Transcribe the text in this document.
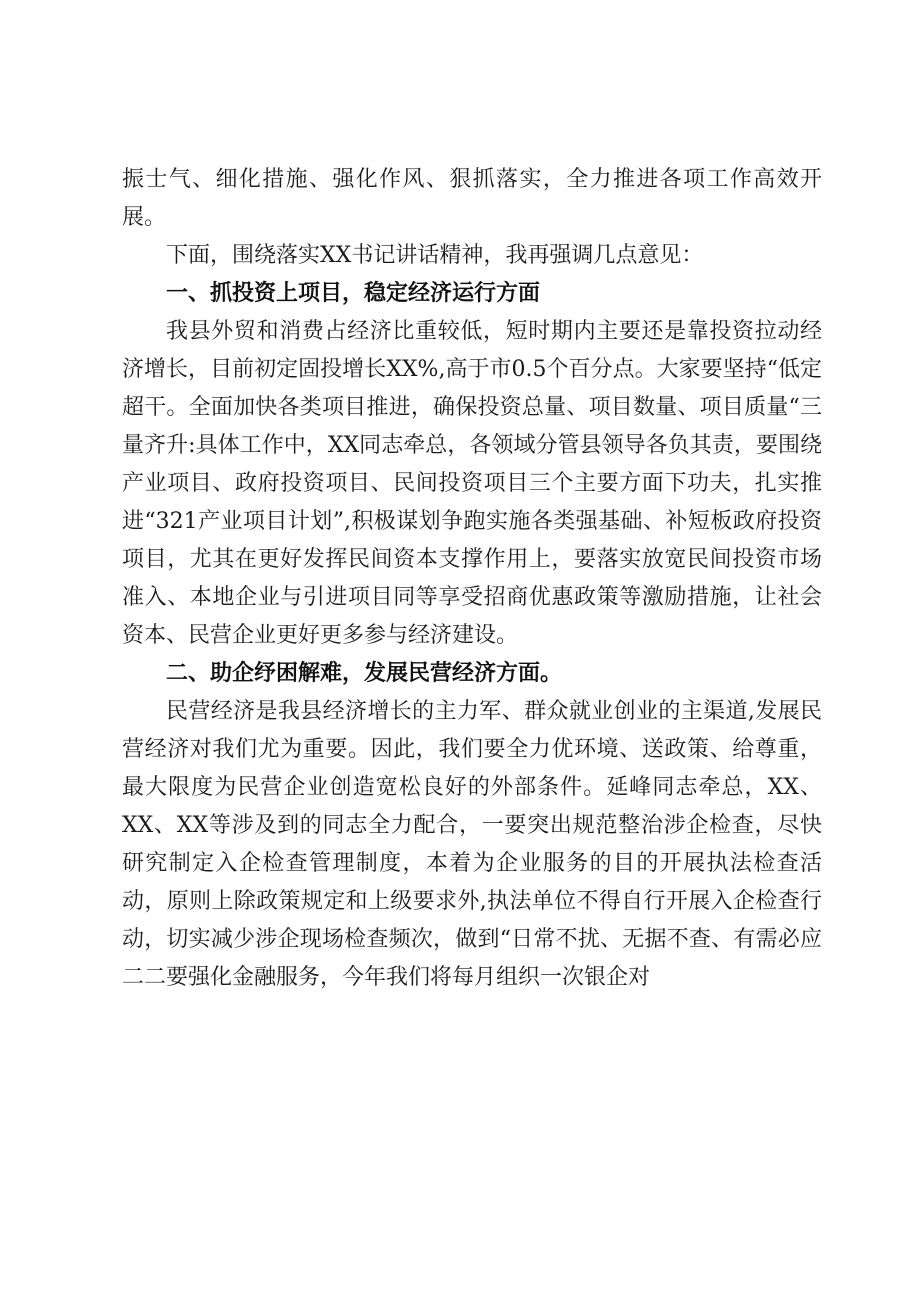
振士气、细化措施、强化作风、狠抓落实，全力推进各项工作高效开展。

下面，围绕落实XX书记讲话精神，我再强调几点意见：

一、抓投资上项目，稳定经济运行方面

我县外贸和消费占经济比重较低，短时期内主要还是靠投资拉动经济增长，目前初定固投增长XX%,高于市0.5个百分点。大家要坚持“低定超干。全面加快各类项目推进，确保投资总量、项目数量、项目质量“三量齐升:具体工作中，XX同志牵总，各领域分管县领导各负其责，要围绕产业项目、政府投资项目、民间投资项目三个主要方面下功夫，扎实推进“321产业项目计划”,积极谋划争跑实施各类强基础、补短板政府投资项目，尤其在更好发挥民间资本支撑作用上，要落实放宽民间投资市场准入、本地企业与引进项目同等享受招商优惠政策等激励措施，让社会资本、民营企业更好更多参与经济建设。

二、助企纾困解难，发展民营经济方面。

民营经济是我县经济增长的主力军、群众就业创业的主渠道,发展民营经济对我们尤为重要。因此，我们要全力优环境、送政策、给尊重，最大限度为民营企业创造宽松良好的外部条件。延峰同志牵总，XX、XX、XX等涉及到的同志全力配合，一要突出规范整治涉企检查，尽快研究制定入企检查管理制度，本着为企业服务的目的开展执法检查活动，原则上除政策规定和上级要求外,执法单位不得自行开展入企检查行动，切实减少涉企现场检查频次，做到“日常不扰、无据不查、有需必应二二要强化金融服务，今年我们将每月组织一次银企对
